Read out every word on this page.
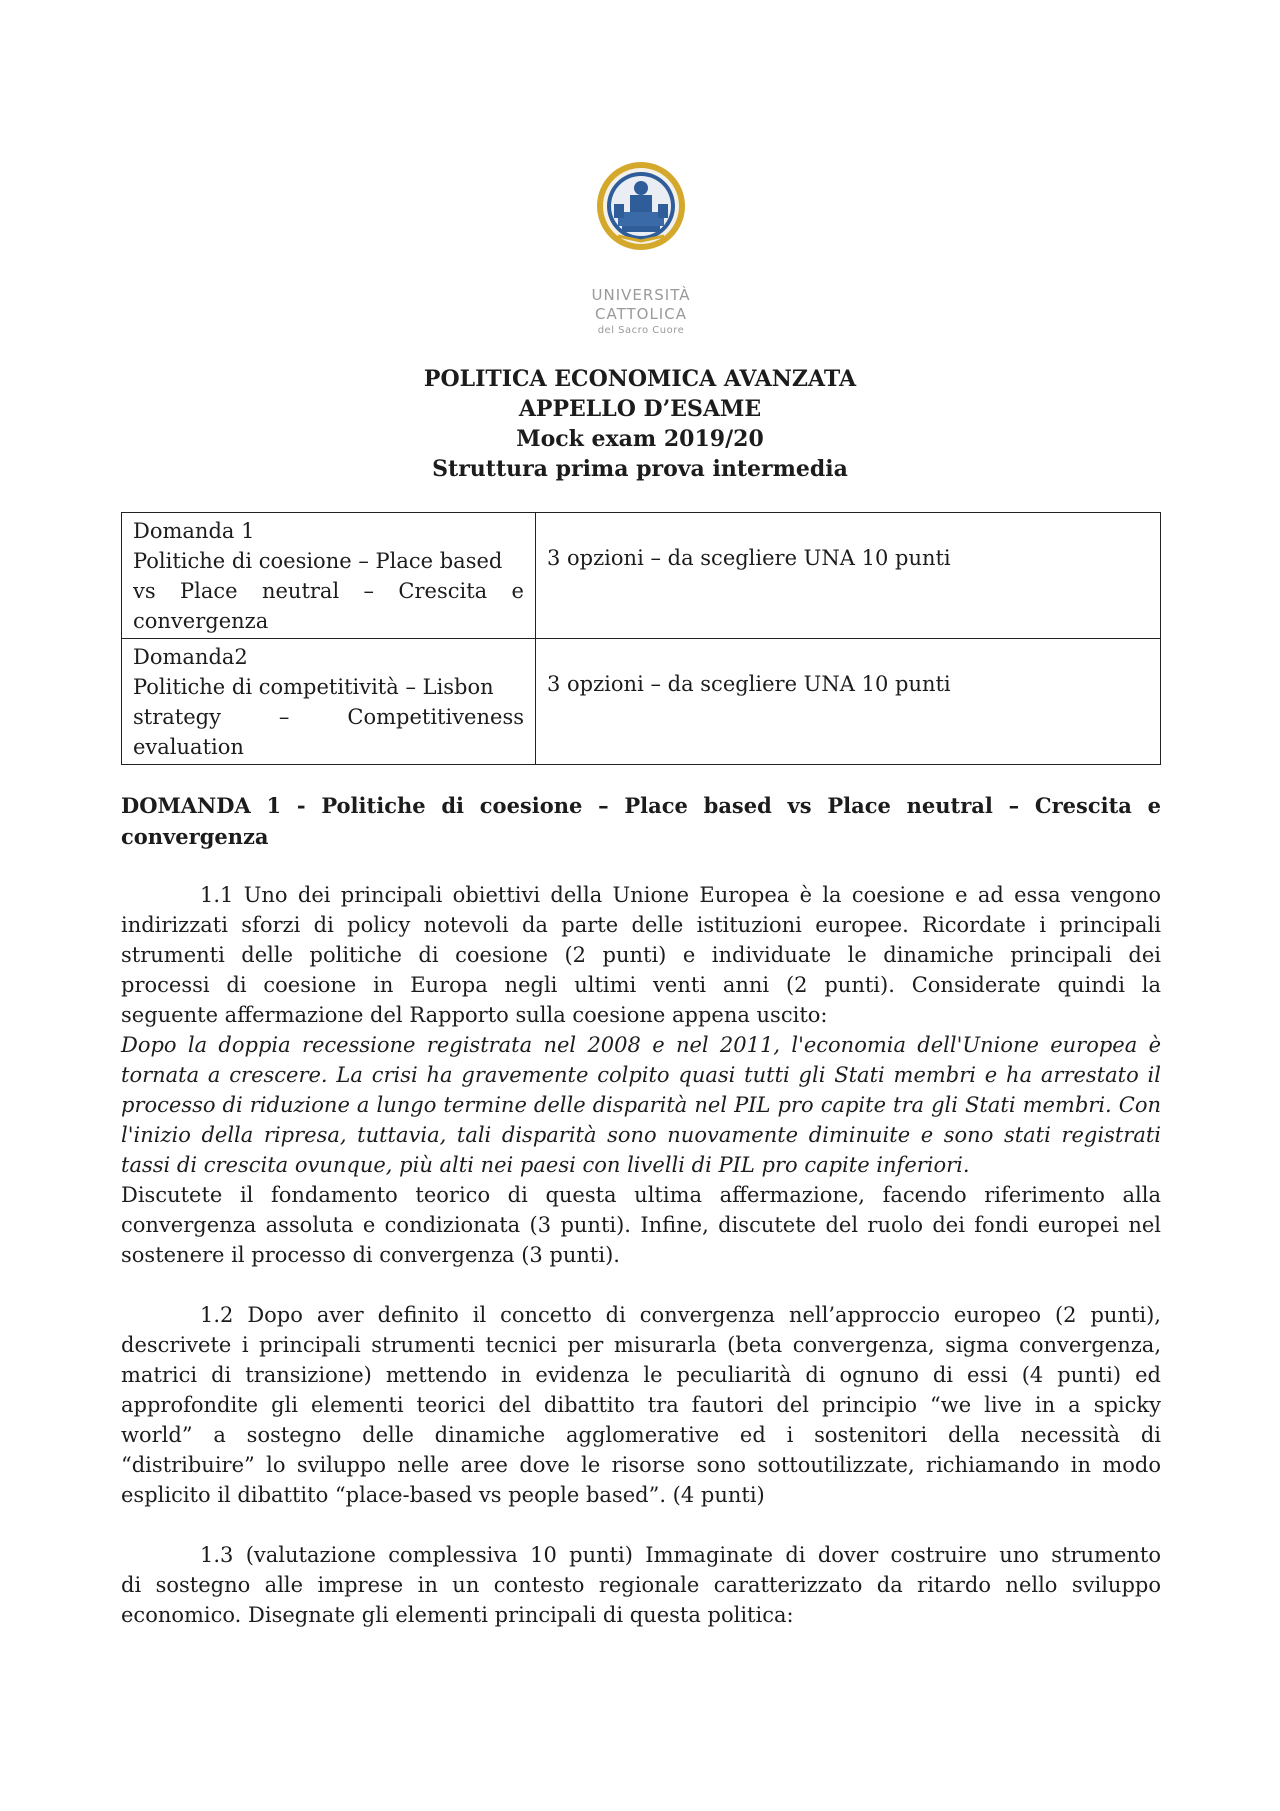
UNIVERSITÀ
CATTOLICA
del Sacro Cuore
POLITICA ECONOMICA AVANZATA
APPELLO D’ESAME
Mock exam 2019/20
Struttura prima prova intermedia
Domanda 1
Politiche di coesione – Place based
vs Place neutral – Crescita e
convergenza	3 opzioni – da scegliere UNA 10 punti

Domanda2
Politiche di competitività – Lisbon
strategy – Competitiveness
evaluation	3 opzioni – da scegliere UNA 10 punti
DOMANDA 1 - Politiche di coesione – Place based vs Place neutral – Crescita e
convergenza
1.1 Uno dei principali obiettivi della Unione Europea è la coesione e ad essa vengono
indirizzati sforzi di policy notevoli da parte delle istituzioni europee. Ricordate i principali
strumenti delle politiche di coesione (2 punti) e individuate le dinamiche principali dei
processi di coesione in Europa negli ultimi venti anni (2 punti). Considerate quindi la
seguente affermazione del Rapporto sulla coesione appena uscito:
Dopo la doppia recessione registrata nel 2008 e nel 2011, l'economia dell'Unione europea è
tornata a crescere. La crisi ha gravemente colpito quasi tutti gli Stati membri e ha arrestato il
processo di riduzione a lungo termine delle disparità nel PIL pro capite tra gli Stati membri. Con
l'inizio della ripresa, tuttavia, tali disparità sono nuovamente diminuite e sono stati registrati
tassi di crescita ovunque, più alti nei paesi con livelli di PIL pro capite inferiori.
Discutete il fondamento teorico di questa ultima affermazione, facendo riferimento alla
convergenza assoluta e condizionata (3 punti). Infine, discutete del ruolo dei fondi europei nel
sostenere il processo di convergenza (3 punti).
1.2 Dopo aver definito il concetto di convergenza nell’approccio europeo (2 punti),
descrivete i principali strumenti tecnici per misurarla (beta convergenza, sigma convergenza,
matrici di transizione) mettendo in evidenza le peculiarità di ognuno di essi (4 punti) ed
approfondite gli elementi teorici del dibattito tra fautori del principio “we live in a spicky
world” a sostegno delle dinamiche agglomerative ed i sostenitori della necessità di
“distribuire” lo sviluppo nelle aree dove le risorse sono sottoutilizzate, richiamando in modo
esplicito il dibattito “place-based vs people based”. (4 punti)
1.3 (valutazione complessiva 10 punti) Immaginate di dover costruire uno strumento
di sostegno alle imprese in un contesto regionale caratterizzato da ritardo nello sviluppo
economico. Disegnate gli elementi principali di questa politica:
